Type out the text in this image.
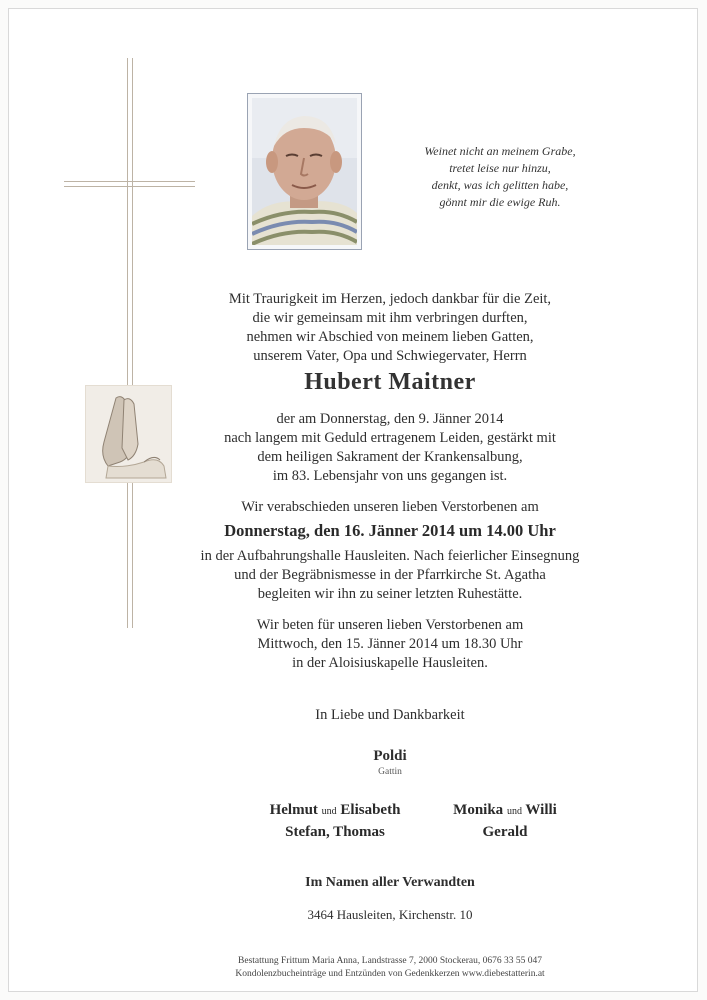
Weinet nicht an meinem Grabe,
tretet leise nur hinzu,
denkt, was ich gelitten habe,
gönnt mir die ewige Ruh.
Mit Traurigkeit im Herzen, jedoch dankbar für die Zeit,
die wir gemeinsam mit ihm verbringen durften,
nehmen wir Abschied von meinem lieben Gatten,
unserem Vater, Opa und Schwiegervater, Herrn
Hubert Maitner
der am Donnerstag, den 9. Jänner 2014
nach langem mit Geduld ertragenem Leiden, gestärkt mit
dem heiligen Sakrament der Krankensalbung,
im 83. Lebensjahr von uns gegangen ist.
Wir verabschieden unseren lieben Verstorbenen am
Donnerstag, den 16. Jänner 2014 um 14.00 Uhr
in der Aufbahrungshalle Hausleiten. Nach feierlicher Einsegnung
und der Begräbnismesse in der Pfarrkirche St. Agatha
begleiten wir ihn zu seiner letzten Ruhestätte.
Wir beten für unseren lieben Verstorbenen am
Mittwoch, den 15. Jänner 2014 um 18.30 Uhr
in der Aloisiuskapelle Hausleiten.
In Liebe und Dankbarkeit
Poldi
Gattin
Helmut und Elisabeth
Stefan, Thomas
Monika und Willi
Gerald
Im Namen aller Verwandten
3464 Hausleiten, Kirchenstr. 10
Bestattung Frittum Maria Anna, Landstrasse 7, 2000 Stockerau, 0676 33 55 047
Kondolenzbucheinträge und Entzünden von Gedenkkerzen www.diebestatterin.at
